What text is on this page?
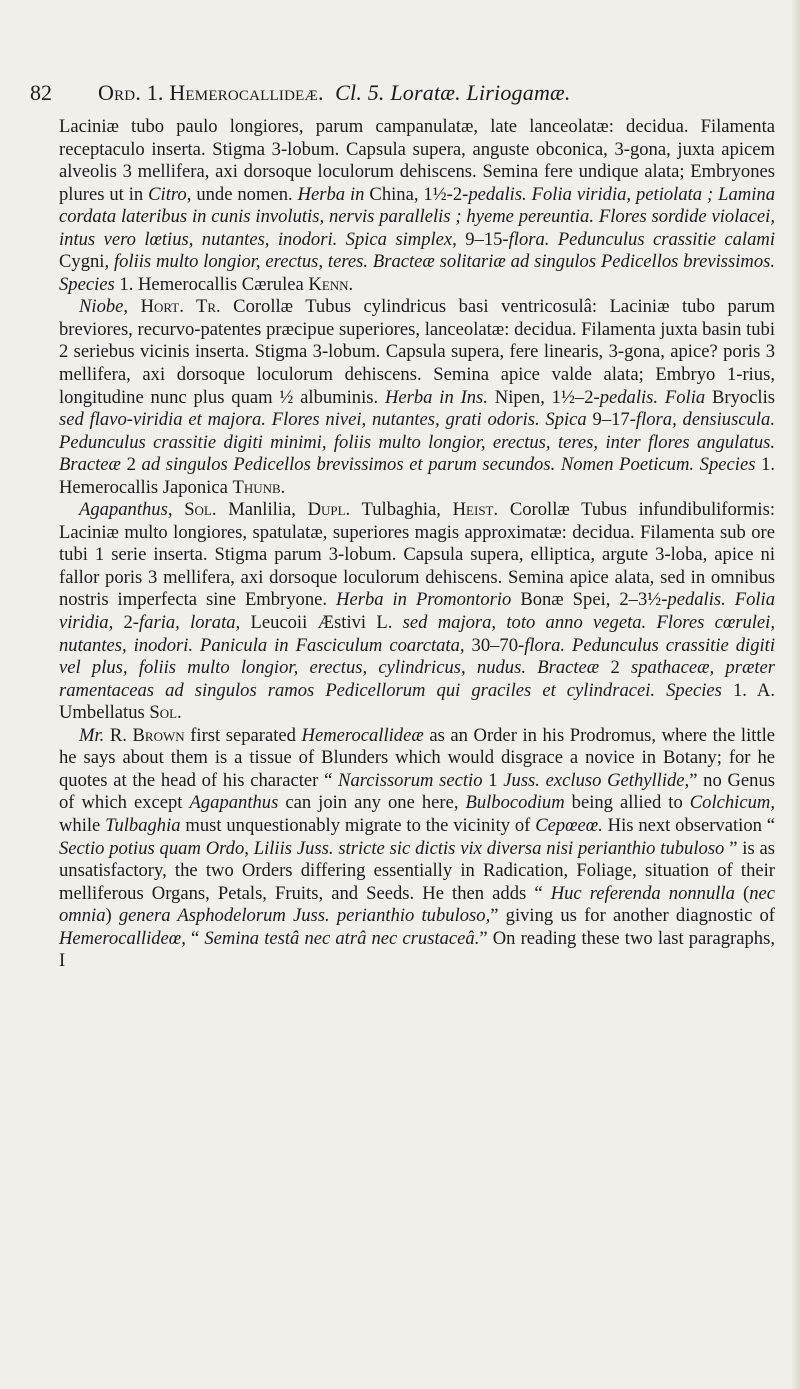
82 Ord. 1. Hemerocallideæ. Cl. 5. Loratæ. Liriogamæ.

Laciniæ tubo paulo longiores, parum campanulatæ, late lanceolatæ: decidua. Filamenta receptaculo inserta. Stigma 3-lobum. Capsula supera, anguste obconica, 3-gona, juxta apicem alveolis 3 mellifera, axi dorsoque loculorum dehiscens. Semina fere undique alata; Embryones plures ut in Citro, unde nomen. Herba in China, 1½-2-pedalis. Folia viridia, petiolata ; Lamina cordata lateribus in cunis involutis, nervis parallelis ; hyeme pereuntia. Flores sordide violacei, intus vero lœtius, nutantes, inodori. Spica simplex, 9–15-flora. Pedunculus crassitie calami Cygni, foliis multo longior, erectus, teres. Bracteæ solitariæ ad singulos Pedicellos brevissimos. Species 1. Hemerocallis Cærulea Kenn.

Niobe, Hort. Tr. Corollæ Tubus cylindricus basi ventricosulâ: Laciniæ tubo parum breviores, recurvo-patentes præcipue superiores, lanceolatæ: decidua. Filamenta juxta basin tubi 2 seriebus vicinis inserta. Stigma 3-lobum. Capsula supera, fere linearis, 3-gona, apice? poris 3 mellifera, axi dorsoque loculorum dehiscens. Semina apice valde alata; Embryo 1-rius, longitudine nunc plus quam ½ albuminis. Herba in Ins. Nipen, 1½–2-pedalis. Folia Bryoclis sed flavo-viridia et majora. Flores nivei, nutantes, grati odoris. Spica 9–17-flora, densiuscula. Pedunculus crassitie digiti minimi, foliis multo longior, erectus, teres, inter flores angulatus. Bracteæ 2 ad singulos Pedicellos brevissimos et parum secundos. Nomen Poeticum. Species 1. Hemerocallis Japonica Thunb.

Agapanthus, Sol. Manlilia, Dupl. Tulbaghia, Heist. Corollæ Tubus infundibuliformis: Laciniæ multo longiores, spatulatæ, superiores magis approximatæ: decidua. Filamenta sub ore tubi 1 serie inserta. Stigma parum 3-lobum. Capsula supera, elliptica, argute 3-loba, apice ni fallor poris 3 mellifera, axi dorsoque loculorum dehiscens. Semina apice alata, sed in omnibus nostris imperfecta sine Embryone. Herba in Promontorio Bonæ Spei, 2–3½-pedalis. Folia viridia, 2-faria, lorata, Leucoii Æstivi L. sed majora, toto anno vegeta. Flores cœrulei, nutantes, inodori. Panicula in Fasciculum coarctata, 30–70-flora. Pedunculus crassitie digiti vel plus, foliis multo longior, erectus, cylindricus, nudus. Bracteæ 2 spathaceæ, præter ramentaceas ad singulos ramos Pedicellorum qui graciles et cylindracei. Species 1. A. Umbellatus Sol.

Mr. R. Brown first separated Hemerocallideæ as an Order in his Prodromus, where the little he says about them is a tissue of Blunders which would disgrace a novice in Botany; for he quotes at the head of his character “ Narcissorum sectio 1 Juss. excluso Gethyllide,” no Genus of which except Agapanthus can join any one here, Bulbocodium being allied to Colchicum, while Tulbaghia must unquestionably migrate to the vicinity of Cepœeœ. His next observation “ Sectio potius quam Ordo, Liliis Juss. stricte sic dictis vix diversa nisi perianthio tubuloso ” is as unsatisfactory, the two Orders differing essentially in Radication, Foliage, situation of their melliferous Organs, Petals, Fruits, and Seeds. He then adds “ Huc referenda nonnulla (nec omnia) genera Asphodelorum Juss. perianthio tubuloso,” giving us for another diagnostic of Hemerocallideœ, “ Semina testâ nec atrâ nec crustaceâ.” On reading these two last paragraphs, I
